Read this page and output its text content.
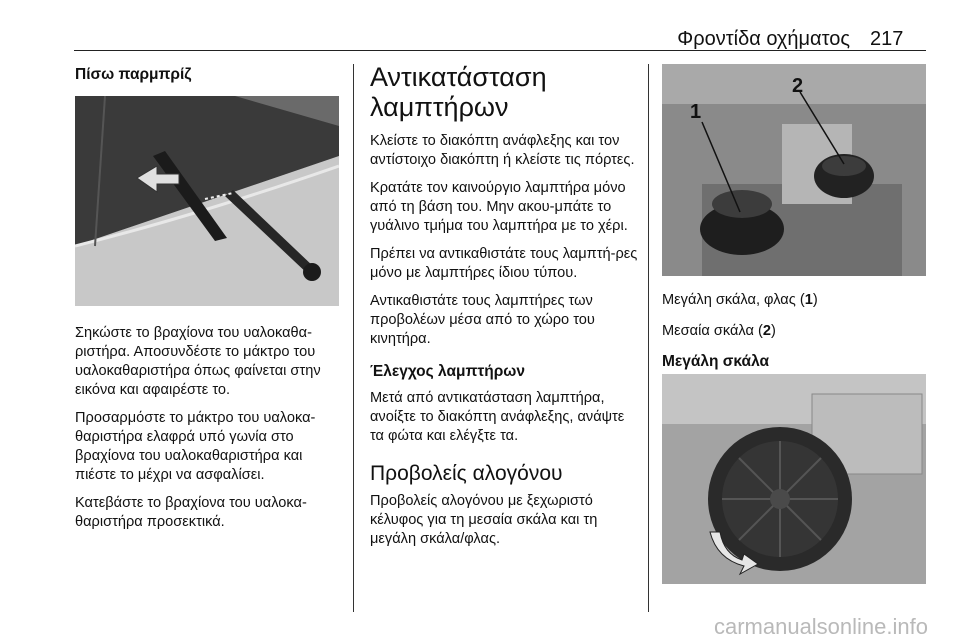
Φροντίδα οχήματος 217
Πίσω παρμπρίζ

Σηκώστε το βραχίονα του υαλοκαθα-ριστήρα. Αποσυνδέστε το μάκτρο του υαλοκαθαριστήρα όπως φαίνεται στην εικόνα και αφαιρέστε το.

Προσαρμόστε το μάκτρο του υαλοκα-θαριστήρα ελαφρά υπό γωνία στο βραχίονα του υαλοκαθαριστήρα και πιέστε το μέχρι να ασφαλίσει.

Κατεβάστε το βραχίονα του υαλοκα-θαριστήρα προσεκτικά.

Αντικατάσταση λαμπτήρων

Κλείστε το διακόπτη ανάφλεξης και τον αντίστοιχο διακόπτη ή κλείστε τις πόρτες.

Κρατάτε τον καινούργιο λαμπτήρα μόνο από τη βάση του. Μην ακου-μπάτε το γυάλινο τμήμα του λαμπτήρα με το χέρι.

Πρέπει να αντικαθιστάτε τους λαμπτή-ρες μόνο με λαμπτήρες ίδιου τύπου.

Αντικαθιστάτε τους λαμπτήρες των προβολέων μέσα από το χώρο του κινητήρα.

Έλεγχος λαμπτήρων

Μετά από αντικατάσταση λαμπτήρα, ανοίξτε το διακόπτη ανάφλεξης, ανάψτε τα φώτα και ελέγξτε τα.

Προβολείς αλογόνου

Προβολείς αλογόνου με ξεχωριστό κέλυφος για τη μεσαία σκάλα και τη μεγάλη σκάλα/φλας.

1
2

Μεγάλη σκάλα, φλας (1)

Μεσαία σκάλα (2)

Μεγάλη σκάλα
carmanualsonline.info
